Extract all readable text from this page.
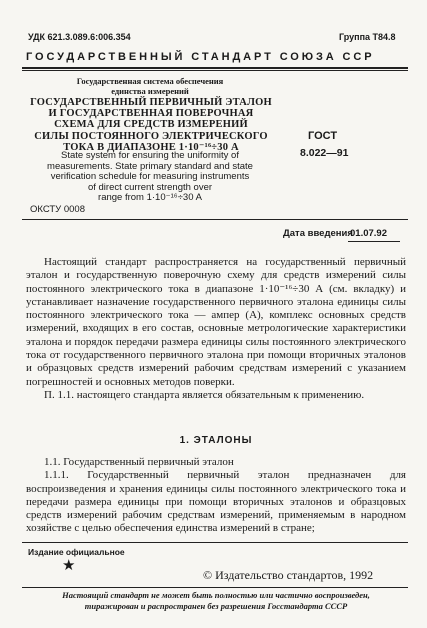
УДК 621.3.089.6:006.354	Группа Т84.8
ГОСУДАРСТВЕННЫЙ СТАНДАРТ СОЮЗА ССР
Государственная система обеспечения
единства измерений
ГОСУДАРСТВЕННЫЙ ПЕРВИЧНЫЙ ЭТАЛОН
И ГОСУДАРСТВЕННАЯ ПОВЕРОЧНАЯ
СХЕМА ДЛЯ СРЕДСТВ ИЗМЕРЕНИЙ
СИЛЫ ПОСТОЯННОГО ЭЛЕКТРИЧЕСКОГО
ТОКА В ДИАПАЗОНЕ 1·10⁻¹⁶÷30 А
State system for ensuring the uniformity of
measurements. State primary standard and state
verification schedule for measuring instruments
of direct current strength over
range from 1·10⁻¹⁶÷30 A
ГОСТ
8.022—91
ОКСТУ 0008
Дата введения
01.07.92

Настоящий стандарт распространяется на государственный первичный эталон и государственную поверочную схему для средств измерений силы постоянного электрического тока в диапазоне 1·10⁻¹⁶÷30 А (см. вкладку) и устанавливает назначение государственного первичного эталона единицы силы постоянного электрического тока — ампер (А), комплекс основных средств измерений, входящих в его состав, основные метрологические характеристики эталона и порядок передачи размера единицы силы постоянного электрического тока от государственного первичного эталона при помощи вторичных эталонов и образцовых средств измерений рабочим средствам измерений с указанием погрешностей и основных методов поверки.

П. 1.1. настоящего стандарта является обязательным к применению.

1. ЭТАЛОНЫ

1.1. Государственный первичный эталон

1.1.1. Государственный первичный эталон предназначен для воспроизведения и хранения единицы силы постоянного электрического тока и передачи размера единицы при помощи вторичных эталонов и образцовых средств измерений рабочим средствам измерений, применяемым в народном хозяйстве с целью обеспечения единства измерений в стране;

Издание официальное
★
© Издательство стандартов, 1992
Настоящий стандарт не может быть полностью или частично воспроизведен,
тиражирован и распространен без разрешения Госстандарта СССР
